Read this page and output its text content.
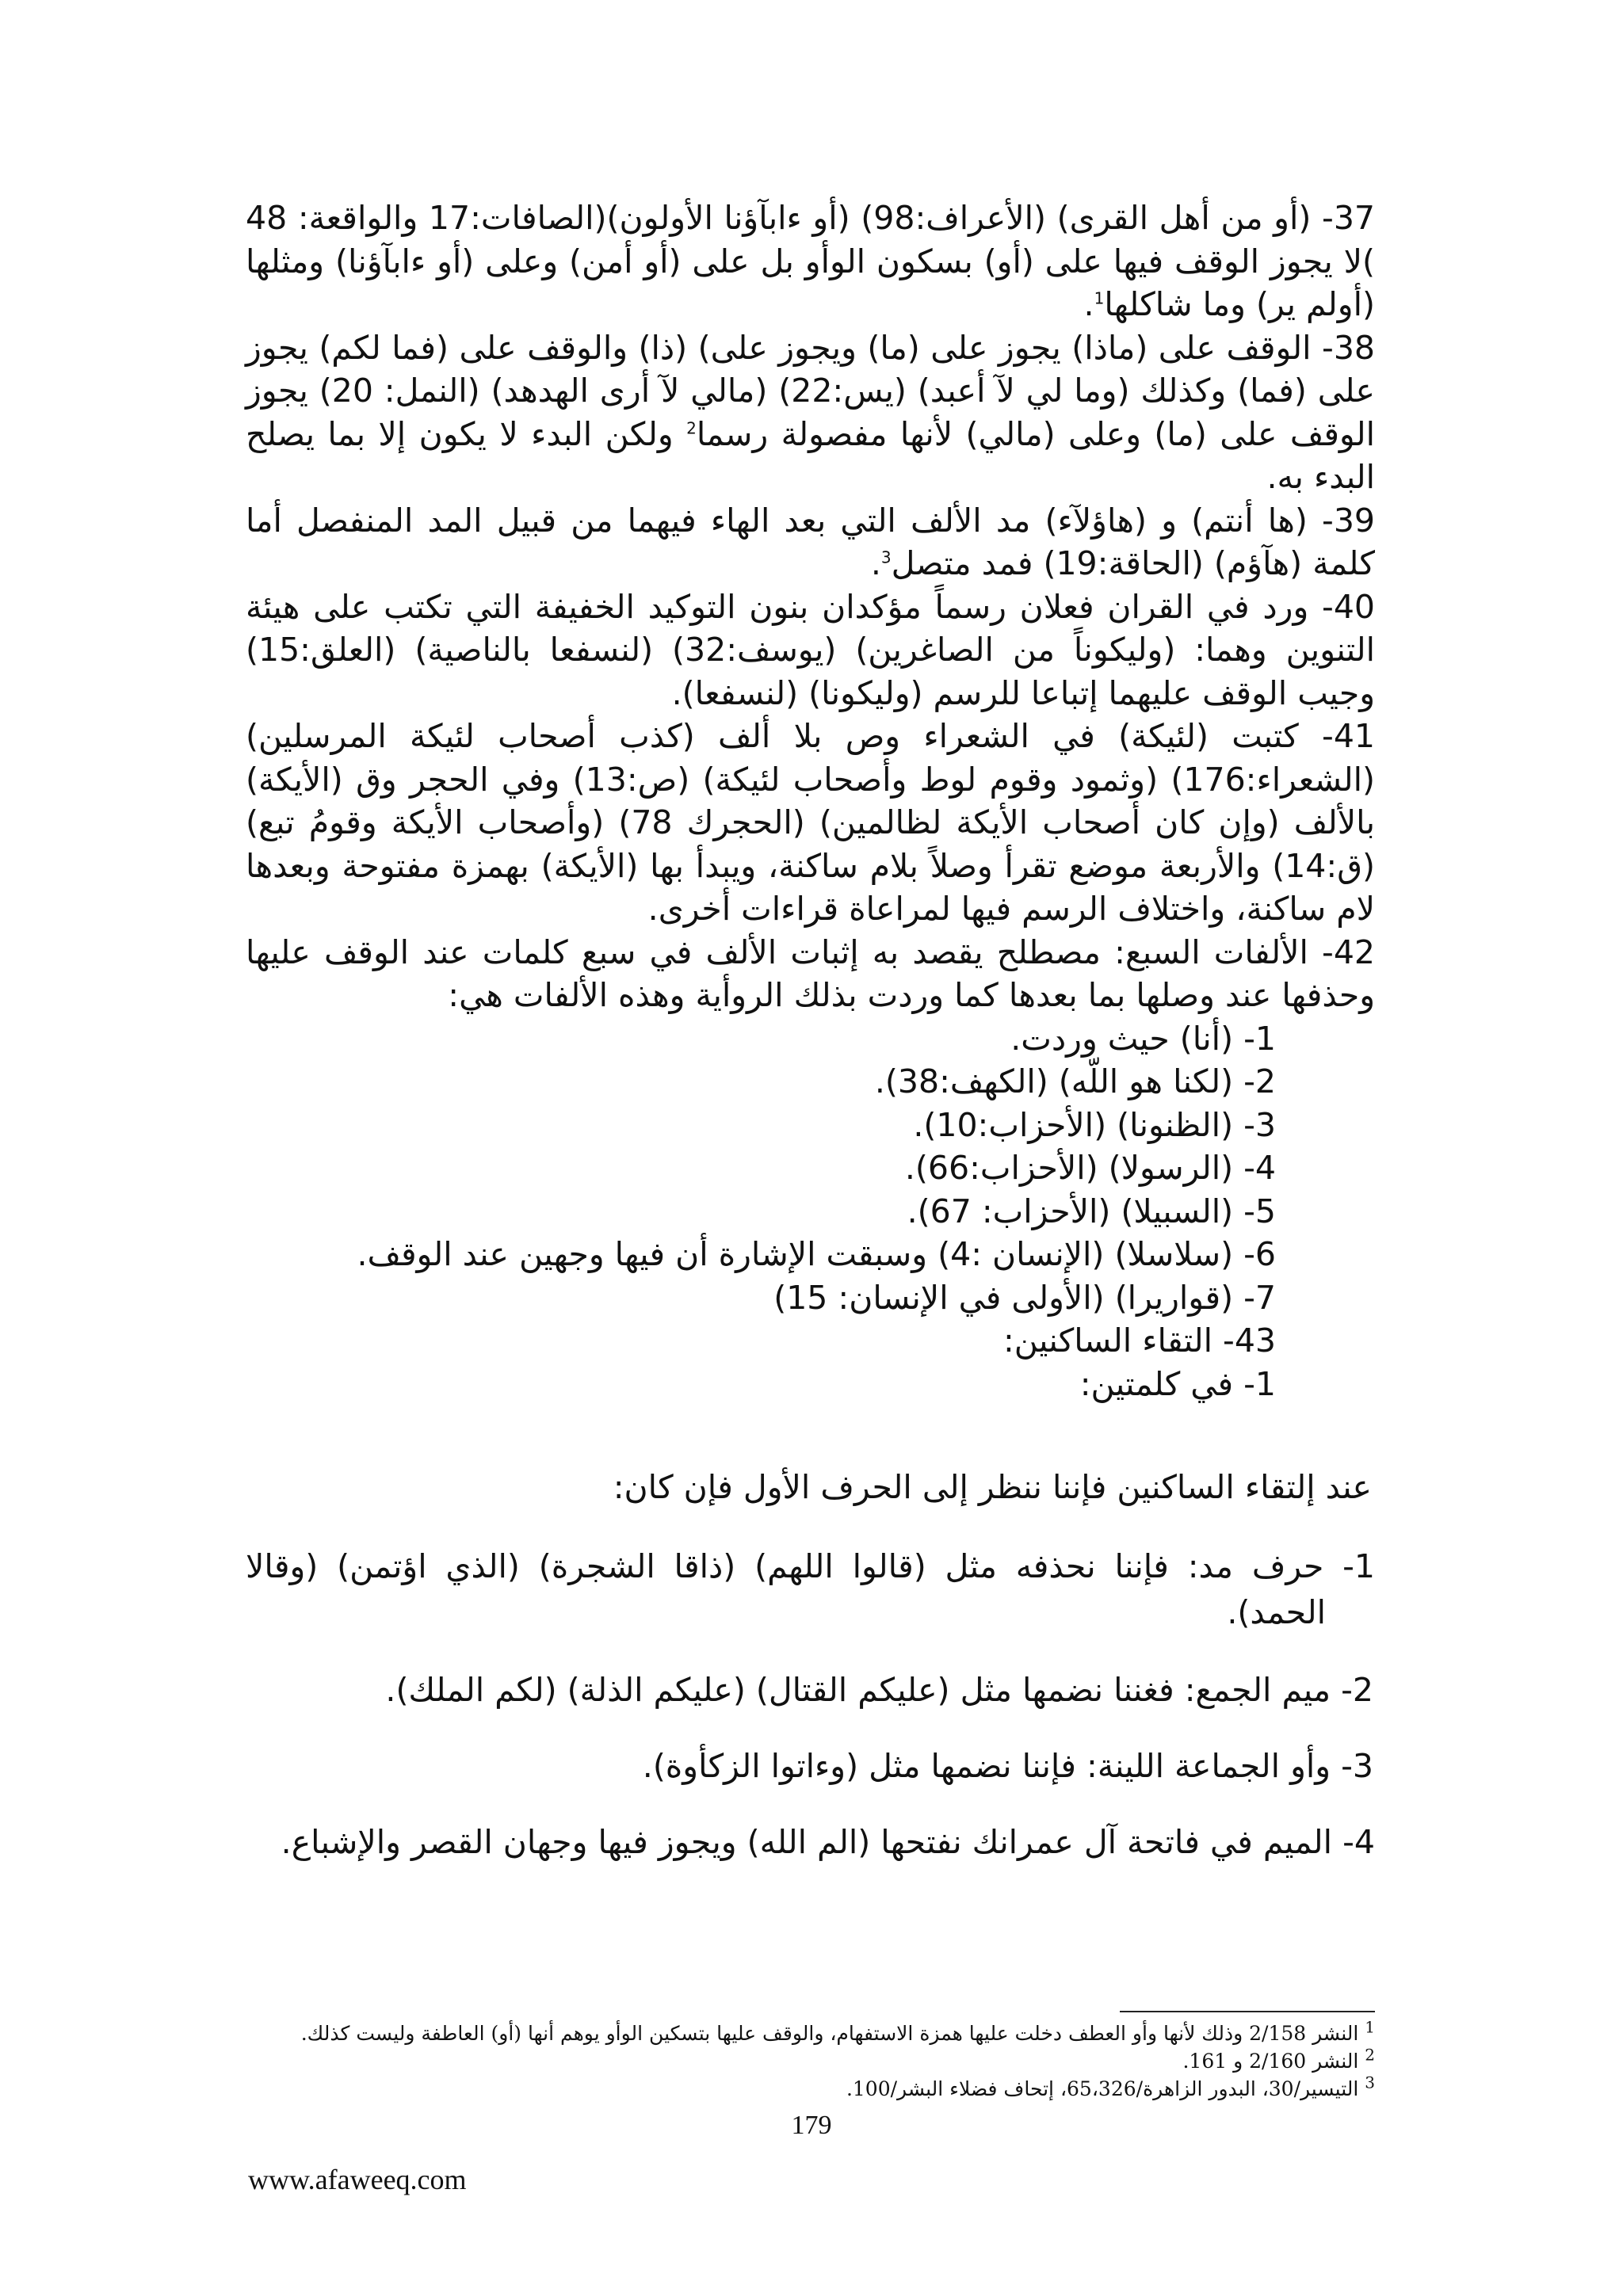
37- (أو من أهل القرى) (الأعراف:98) (أو ءابآؤنا الأولون)(الصافات:17 والواقعة: 48 )لا يجوز الوقف فيها على (أو) بسكون الوأو بل على (أو أمن) وعلى (أو ءابآؤنا) ومثلها (أولم ير) وما شاكلها$^1$.

38- الوقف على (ماذا) يجوز على (ما) ويجوز على) (ذا) والوقف على (فما لكم) يجوز على (فما) وكذلك (وما لي لآ أعبد) (يس:22) (مالي لآ أرى الهدهد) (النمل: 20) يجوز الوقف على (ما) وعلى (مالي) لأنها مفصولة رسما$^2$ ولكن البدء لا يكون إلا بما يصلح البدء به.

39- (ها أنتم) و (هاؤلآء) مد الألف التي بعد الهاء فيهما من قبيل المد المنفصل أما كلمة (هآؤم) (الحاقة:19) فمد متصل$^3$.

40- ورد في القران فعلان رسماً مؤكدان بنون التوكيد الخفيفة التي تكتب على هيئة التنوين وهما: (وليكوناً من الصاغرين) (يوسف:32) (لنسفعا بالناصية) (العلق:15) وجيب الوقف عليهما إتباعا للرسم (وليكونا) (لنسفعا).

41- كتبت (لئيكة) في الشعراء وص بلا ألف (كذب أصحاب لئيكة المرسلين) (الشعراء:176) (وثمود وقوم لوط وأصحاب لئيكة) (ص:13) وفي الحجر وق (الأيكة) بالألف (وإن كان أصحاب الأيكة لظالمين) (الحجرك 78) (وأصحاب الأيكة وقومُ تبع) (ق:14) والأربعة موضع تقرأ وصلاً بلام ساكنة، ويبدأ بها (الأيكة) بهمزة مفتوحة وبعدها لام ساكنة، واختلاف الرسم فيها لمراعاة قراءات أخرى.

42- الألفات السبع: مصطلح يقصد به إثبات الألف في سبع كلمات عند الوقف عليها وحذفها عند وصلها بما بعدها كما وردت بذلك الروأية وهذه الألفات هي:

1- (أنا) حيث وردت.

2- (لكنا هو اللّه) (الكهف:38).

3- (الظنونا) (الأحزاب:10).

4- (الرسولا) (الأحزاب:66).

5- (السبيلا) (الأحزاب: 67).

6- (سلاسلا) (الإنسان :4) وسبقت الإشارة أن فيها وجهين عند الوقف.

7- (قواريرا) (الأولى في الإنسان: 15)

43- التقاء الساكنين:

1- في كلمتين:

عند إلتقاء الساكنين فإننا ننظر إلى الحرف الأول فإن كان:

1- حرف مد: فإننا نحذفه مثل (قالوا اللهم) (ذاقا الشجرة) (الذي اؤتمن) (وقالا الحمد).

2- ميم الجمع: فغننا نضمها مثل (عليكم القتال) (عليكم الذلة) (لكم الملك).

3- وأو الجماعة اللينة: فإننا نضمها مثل (وءاتوا الزكأوة).

4- الميم في فاتحة آل عمرانك نفتحها (الم الله) ويجوز فيها وجهان القصر والإشباع.

$^1$ النشر 2/158 وذلك لأنها وأو العطف دخلت عليها همزة الاستفهام، والوقف عليها بتسكين الوأو يوهم أنها (أو) العاطفة وليست كذلك.

$^2$ النشر 2/160 و 161.

$^3$ التيسير/30، البدور الزاهرة/65،326، إتحاف فضلاء البشر/100.

179
www.afaweeq.com
